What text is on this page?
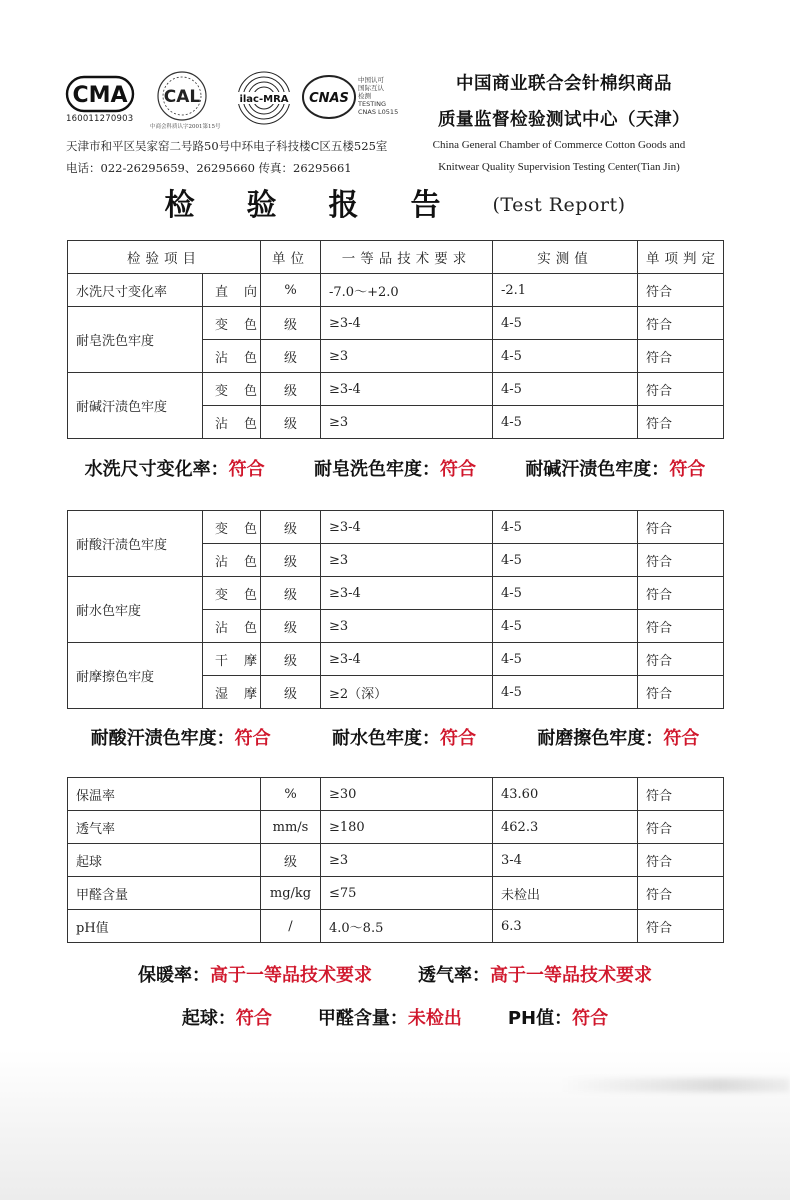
CMA
160011270903
CAL
中商会科质认字2001第15号
ilac-MRA CNAS
中国认可
国际互认
检测
TESTING
CNAS L0515
中国商业联合会针棉织商品
质量监督检验测试中心（天津）
天津市和平区吴家窑二号路50号中环电子科技楼C区五楼525室
电话：022-26295659、26295660 传真：26295661
China General Chamber of Commerce Cotton Goods and
Knitwear Quality Supervision Testing Center(Tian Jin)
检验报告(Test Report)
检验项目		单位	一等品技术要求	实测值	单项判定
水洗尺寸变化率	直向	%	-7.0～+2.0	-2.1	符合
耐皂洗色牢度	变色	级	≥3-4	4-5	符合
	沾色	级	≥3	4-5	符合
耐碱汗渍色牢度	变色	级	≥3-4	4-5	符合
	沾色	级	≥3	4-5	符合
水洗尺寸变化率：符合	耐皂洗色牢度：符合	耐碱汗渍色牢度：符合
耐酸汗渍色牢度	变色	级	≥3-4	4-5	符合
	沾色	级	≥3	4-5	符合
耐水色牢度	变色	级	≥3-4	4-5	符合
	沾色	级	≥3	4-5	符合
耐摩擦色牢度	干摩	级	≥3-4	4-5	符合
	湿摩	级	≥2（深）	4-5	符合
耐酸汗渍色牢度：符合	耐水色牢度：符合	耐磨擦色牢度：符合
保温率	%	≥30	43.60	符合
透气率	mm/s	≥180	462.3	符合
起球	级	≥3	3-4	符合
甲醛含量	mg/kg	≤75	未检出	符合
pH值	/	4.0～8.5	6.3	符合
保暖率：高于一等品技术要求	透气率：高于一等品技术要求
起球：符合	甲醛含量：未检出	PH值：符合
